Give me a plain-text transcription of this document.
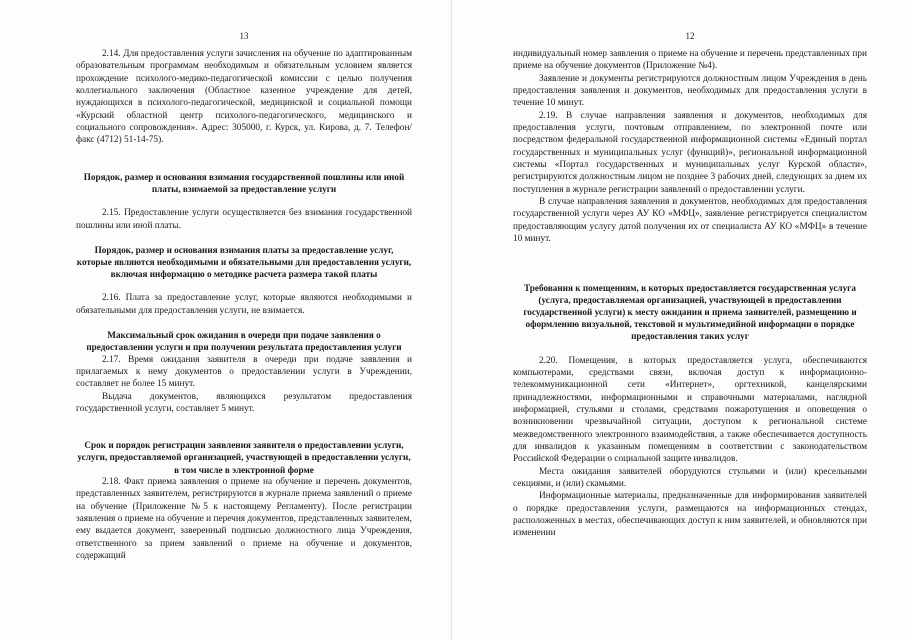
13

2.14. Для предоставления услуги зачисления на обучение по адаптированным образовательным программам необходимым и обязательным условием является прохождение психолого-медико-педагогической комиссии с целью получения коллегиального заключения (Областное казенное учреждение для детей, нуждающихся в психолого-педагогической, медицинской и социальной помощи «Курский областной центр психолого-педагогического, медицинского и социального сопровождения». Адрес: 305000, г. Курск, ул. Кирова, д. 7. Телефон/факс (4712) 51-14-75).

Порядок, размер и основания взимания государственной пошлины или иной платы, взимаемой за предоставление услуги

2.15. Предоставление услуги осуществляется без взимания государственной пошлины или иной платы.

Порядок, размер и основания взимания платы за предоставление услуг, которые являются необходимыми и обязательными для предоставления услуги, включая информацию о методике расчета размера такой платы

2.16. Плата за предоставление услуг, которые являются необходимыми и обязательными для предоставления услуги, не взимается.

Максимальный срок ожидания в очереди при подаче заявления о предоставлении услуги и при получении результата предоставления услуги

2.17. Время ожидания заявителя в очереди при подаче заявления и прилагаемых к нему документов о предоставлении услуги в Учреждении, составляет не более 15 минут.

Выдача документов, являющихся результатом предоставления государственной услуги, составляет 5 минут.

Срок и порядок регистрации заявления заявителя о предоставлении услуги, услуги, предоставляемой организацией, участвующей в предоставлении услуги, в том числе в электронной форме

2.18. Факт приема заявления о приеме на обучение и перечень документов, представленных заявителем, регистрируются в журнале приема заявлений о приеме на обучение (Приложение №5 к настоящему Регламенту). После регистрации заявления о приеме на обучение и перечня документов, представленных заявителем, ему выдается документ, заверенный подписью должностного лица Учреждения, ответственного за прием заявлений о приеме на обучение и документов, содержащий

12

индивидуальный номер заявления о приеме на обучение и перечень представленных при приеме на обучение документов (Приложение №4).

Заявление и документы регистрируются должностным лицом Учреждения в день предоставления заявления и документов, необходимых для предоставления услуги в течение 10 минут.

2.19. В случае направления заявления и документов, необходимых для предоставления услуги, почтовым отправлением, по электронной почте или посредством федеральной государственной информационной системы «Единый портал государственных и муниципальных услуг (функций)», региональной информационной системы «Портал государственных и муниципальных услуг Курской области», регистрируются должностным лицом не позднее 3 рабочих дней, следующих за днем их поступления в журнале регистрации заявлений о предоставлении услуги.

В случае направления заявления и документов, необходимых для предоставления государственной услуги через АУ КО «МФЦ», заявление регистрируется специалистом предоставляющим услугу датой получения их от специалиста АУ КО «МФЦ» в течение 10 минут.

Требования к помещениям, в которых предоставляется государственная услуга (услуга, предоставляемая организацией, участвующей в предоставлении государственной услуги) к месту ожидания и приема заявителей, размещению и оформлению визуальной, текстовой и мультимедийной информации о порядке предоставления таких услуг

2.20. Помещения, в которых предоставляется услуга, обеспечиваются компьютерами, средствами связи, включая доступ к информационно-телекоммуникационной сети «Интернет», оргтехникой, канцелярскими принадлежностями, информационными и справочными материалами, наглядной информацией, стульями и столами, средствами пожаротушения и оповещения о возникновении чрезвычайной ситуации, доступом к региональной системе межведомственного электронного взаимодействия, а также обеспечивается доступность для инвалидов к указанным помещениям в соответствии с законодательством Российской Федерации о социальной защите инвалидов.

Места ожидания заявителей оборудуются стульями и (или) кресельными секциями, и (или) скамьями.

Информационные материалы, предназначенные для информирования заявителей о порядке предоставления услуги, размещаются на информационных стендах, расположенных в местах, обеспечивающих доступ к ним заявителей, и обновляются при изменении
